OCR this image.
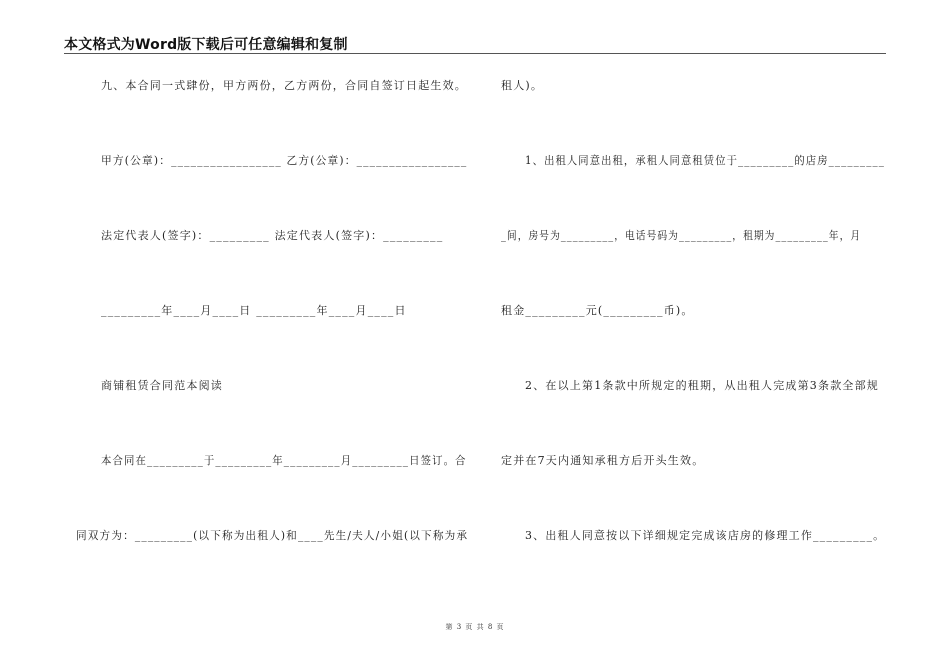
本文格式为Word版下载后可任意编辑和复制
九、本合同一式肆份，甲方两份，乙方两份，合同自签订日起生效。
甲方(公章)：_________________ 乙方(公章)：_________________
法定代表人(签字)：_________ 法定代表人(签字)：_________
_________年____月____日 _________年____月____日
商铺租赁合同范本阅读
本合同在_________于_________年_________月_________日签订。合
同双方为：_________(以下称为出租人)和____先生/夫人/小姐(以下称为承
租人)。
1、出租人同意出租，承租人同意租赁位于_________的店房_________
_间，房号为_________，电话号码为_________，租期为_________年，月
租金_________元(_________币)。
2、在以上第1条款中所规定的租期，从出租人完成第3条款全部规
定并在7天内通知承租方后开头生效。
3、出租人同意按以下详细规定完成该店房的修理工作_________。
第 3 页 共 8 页
